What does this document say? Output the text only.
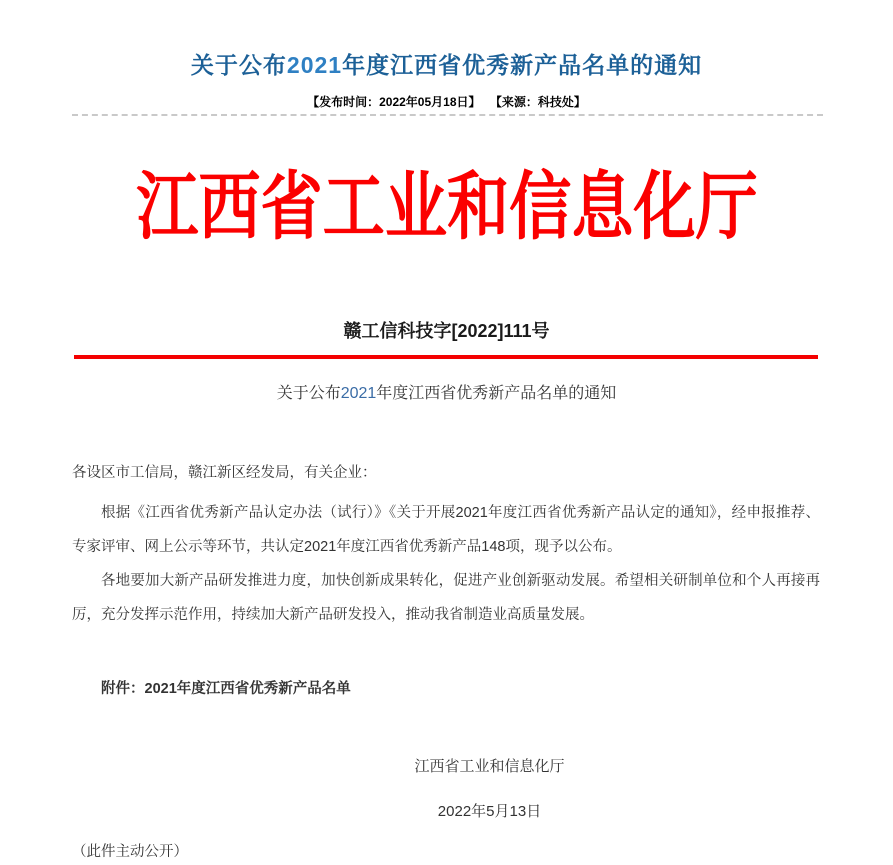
关于公布2021年度江西省优秀新产品名单的通知
【发布时间：2022年05月18日】 【来源：科技处】
江西省工业和信息化厅
赣工信科技字[2022]111号
关于公布2021年度江西省优秀新产品名单的通知

各设区市工信局，赣江新区经发局，有关企业：

根据《江西省优秀新产品认定办法（试行）》《关于开展2021年度江西省优秀新产品认定的通知》，经申报推荐、专家评审、网上公示等环节，共认定2021年度江西省优秀新产品148项，现予以公布。

各地要加大新产品研发推进力度，加快创新成果转化，促进产业创新驱动发展。希望相关研制单位和个人再接再厉，充分发挥示范作用，持续加大新产品研发投入，推动我省制造业高质量发展。

附件：2021年度江西省优秀新产品名单

江西省工业和信息化厅
2022年5月13日
（此件主动公开）
